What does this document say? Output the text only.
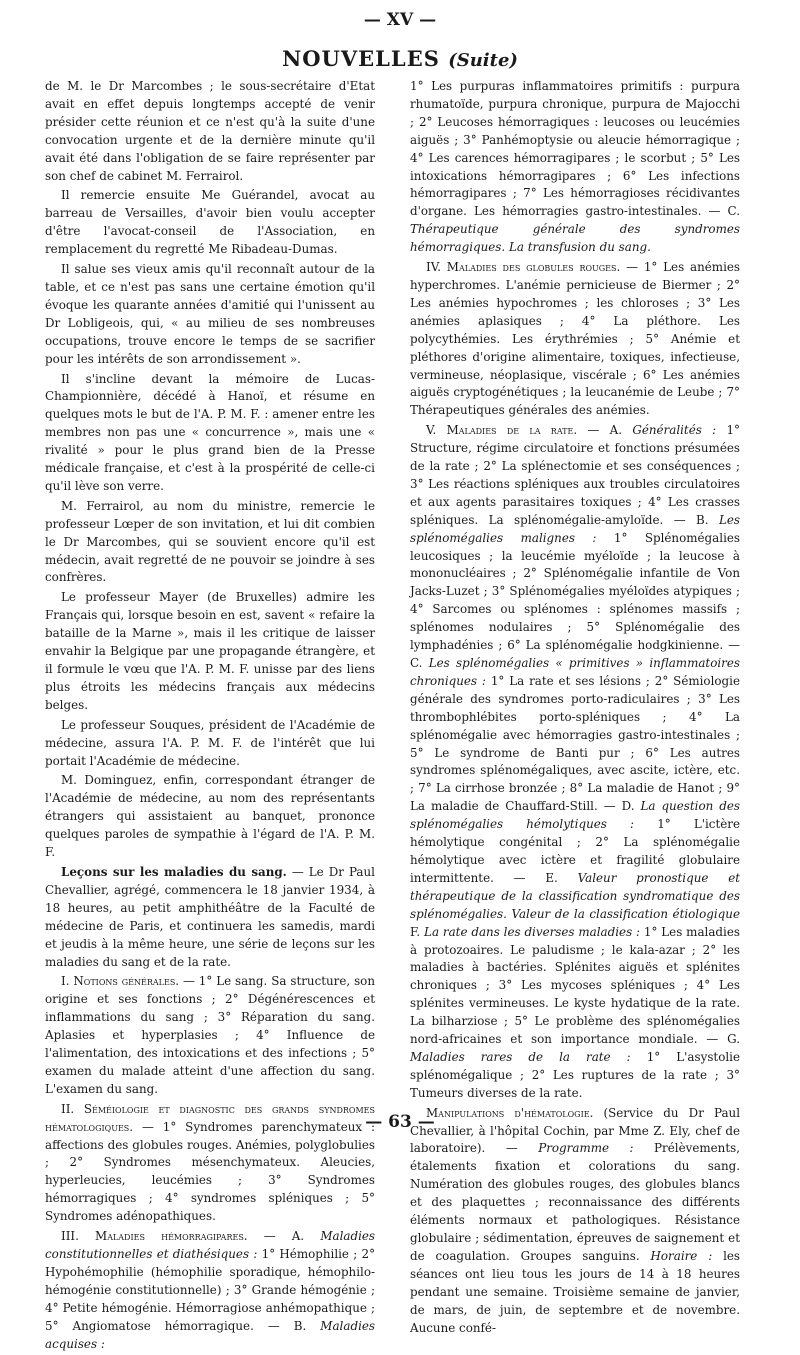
— XV —
NOUVELLES (Suite)

de M. le Dr Marcombes ; le sous-secrétaire d'Etat avait en effet depuis longtemps accepté de venir présider cette réunion et ce n'est qu'à la suite d'une convocation urgente et de la dernière minute qu'il avait été dans l'obligation de se faire représenter par son chef de cabinet M. Ferrairol.

Il remercie ensuite Me Guérandel, avocat au barreau de Versailles, d'avoir bien voulu accepter d'être l'avocat-conseil de l'Association, en remplacement du regretté Me Ribadeau-Dumas.

Il salue ses vieux amis qu'il reconnaît autour de la table, et ce n'est pas sans une certaine émotion qu'il évoque les quarante années d'amitié qui l'unissent au Dr Lobligeois, qui, « au milieu de ses nombreuses occupations, trouve encore le temps de se sacrifier pour les intérêts de son arrondissement ».

Il s'incline devant la mémoire de Lucas-Championnière, décédé à Hanoï, et résume en quelques mots le but de l'A. P. M. F. : amener entre les membres non pas une « concurrence », mais une « rivalité » pour le plus grand bien de la Presse médicale française, et c'est à la prospérité de celle-ci qu'il lève son verre.

M. Ferrairol, au nom du ministre, remercie le professeur Lœper de son invitation, et lui dit combien le Dr Marcombes, qui se souvient encore qu'il est médecin, avait regretté de ne pouvoir se joindre à ses confrères.

Le professeur Mayer (de Bruxelles) admire les Français qui, lorsque besoin en est, savent « refaire la bataille de la Marne », mais il les critique de laisser envahir la Belgique par une propagande étrangère, et il formule le vœu que l'A. P. M. F. unisse par des liens plus étroits les médecins français aux médecins belges.

Le professeur Souques, président de l'Académie de médecine, assura l'A. P. M. F. de l'intérêt que lui portait l'Académie de médecine.

M. Dominguez, enfin, correspondant étranger de l'Académie de médecine, au nom des représentants étrangers qui assistaient au banquet, prononce quelques paroles de sympathie à l'égard de l'A. P. M. F.

Leçons sur les maladies du sang. — Le Dr Paul Chevallier, agrégé, commencera le 18 janvier 1934, à 18 heures, au petit amphithéâtre de la Faculté de médecine de Paris, et continuera les samedis, mardi et jeudis à la même heure, une série de leçons sur les maladies du sang et de la rate.

I. Notions générales. — 1° Le sang. Sa structure, son origine et ses fonctions ; 2° Dégénérescences et inflammations du sang ; 3° Réparation du sang. Aplasies et hyperplasies ; 4° Influence de l'alimentation, des intoxications et des infections ; 5° examen du malade atteint d'une affection du sang. L'examen du sang.

II. Séméiologie et diagnostic des grands syndromes hématologiques. — 1° Syndromes parenchymateux : affections des globules rouges. Anémies, polyglobulies ; 2° Syndromes mésenchymateux. Aleucies, hyperleucies, leucémies ; 3° Syndromes hémorragiques ; 4° syndromes spléniques ; 5° Syndromes adénopathiques.

III. Maladies hémorragipares. — A. Maladies constitutionnelles et diathésiques : 1° Hémophilie ; 2° Hypohémophilie (hémophilie sporadique, hémophilo-hémogénie constitutionnelle) ; 3° Grande hémogénie ; 4° Petite hémogénie. Hémorragiose anhémopathique ; 5° Angiomatose hémorragique. — B. Maladies acquises :

1° Les purpuras inflammatoires primitifs : purpura rhumatoïde, purpura chronique, purpura de Majocchi ; 2° Leucoses hémorragiques : leucoses ou leucémies aiguës ; 3° Panhémoptysie ou aleucie hémorragique ; 4° Les carences hémorragipares ; le scorbut ; 5° Les intoxications hémorragipares ; 6° Les infections hémorragipares ; 7° Les hémorragioses récidivantes d'organe. Les hémorragies gastro-intestinales. — C. Thérapeutique générale des syndromes hémorragiques. La transfusion du sang.

IV. Maladies des globules rouges. — 1° Les anémies hyperchromes. L'anémie pernicieuse de Biermer ; 2° Les anémies hypochromes ; les chloroses ; 3° Les anémies aplasiques ; 4° La pléthore. Les polycythémies. Les érythrémies ; 5° Anémie et pléthores d'origine alimentaire, toxiques, infectieuse, vermineuse, néoplasique, viscérale ; 6° Les anémies aiguës cryptogénétiques ; la leucanémie de Leube ; 7° Thérapeutiques générales des anémies.

V. Maladies de la rate. — A. Généralités : 1° Structure, régime circulatoire et fonctions présumées de la rate ; 2° La splénectomie et ses conséquences ; 3° Les réactions spléniques aux troubles circulatoires et aux agents parasitaires toxiques ; 4° Les crasses spléniques. La splénomégalie-amyloïde. — B. Les splénomégalies malignes : 1° Splénomégalies leucosiques ; la leucémie myéloïde ; la leucose à mononucléaires ; 2° Splénomégalie infantile de Von Jacks-Luzet ; 3° Splénomégalies myéloïdes atypiques ; 4° Sarcomes ou splénomes : splénomes massifs ; splénomes nodulaires ; 5° Splénomégalie des lymphadénies ; 6° La splénomégalie hodgkinienne. — C. Les splénomégalies « primitives » inflammatoires chroniques : 1° La rate et ses lésions ; 2° Sémiologie générale des syndromes porto-radiculaires ; 3° Les thrombophlébites porto-spléniques ; 4° La splénomégalie avec hémorragies gastro-intestinales ; 5° Le syndrome de Banti pur ; 6° Les autres syndromes splénomégaliques, avec ascite, ictère, etc. ; 7° La cirrhose bronzée ; 8° La maladie de Hanot ; 9° La maladie de Chauffard-Still. — D. La question des splénomégalies hémolytiques : 1° L'ictère hémolytique congénital ; 2° La splénomégalie hémolytique avec ictère et fragilité globulaire intermittente. — E. Valeur pronostique et thérapeutique de la classification syndromatique des splénomégalies. Valeur de la classification étiologique F. La rate dans les diverses maladies : 1° Les maladies à protozoaires. Le paludisme ; le kala-azar ; 2° les maladies à bactéries. Splénites aiguës et splénites chroniques ; 3° Les mycoses spléniques ; 4° Les splénites vermineuses. Le kyste hydatique de la rate. La bilharziose ; 5° Le problème des splénomégalies nord-africaines et son importance mondiale. — G. Maladies rares de la rate : 1° L'asystolie splénomégalique ; 2° Les ruptures de la rate ; 3° Tumeurs diverses de la rate.

Manipulations d'hématologie. (Service du Dr Paul Chevallier, à l'hôpital Cochin, par Mme Z. Ely, chef de laboratoire). — Programme : Prélèvements, étalements fixation et colorations du sang. Numération des globules rouges, des globules blancs et des plaquettes ; reconnaissance des différents éléments normaux et pathologiques. Résistance globulaire ; sédimentation, épreuves de saignement et de coagulation. Groupes sanguins. Horaire : les séances ont lieu tous les jours de 14 à 18 heures pendant une semaine. Troisième semaine de janvier, de mars, de juin, de septembre et de novembre. Aucune confé-

— 63 —
